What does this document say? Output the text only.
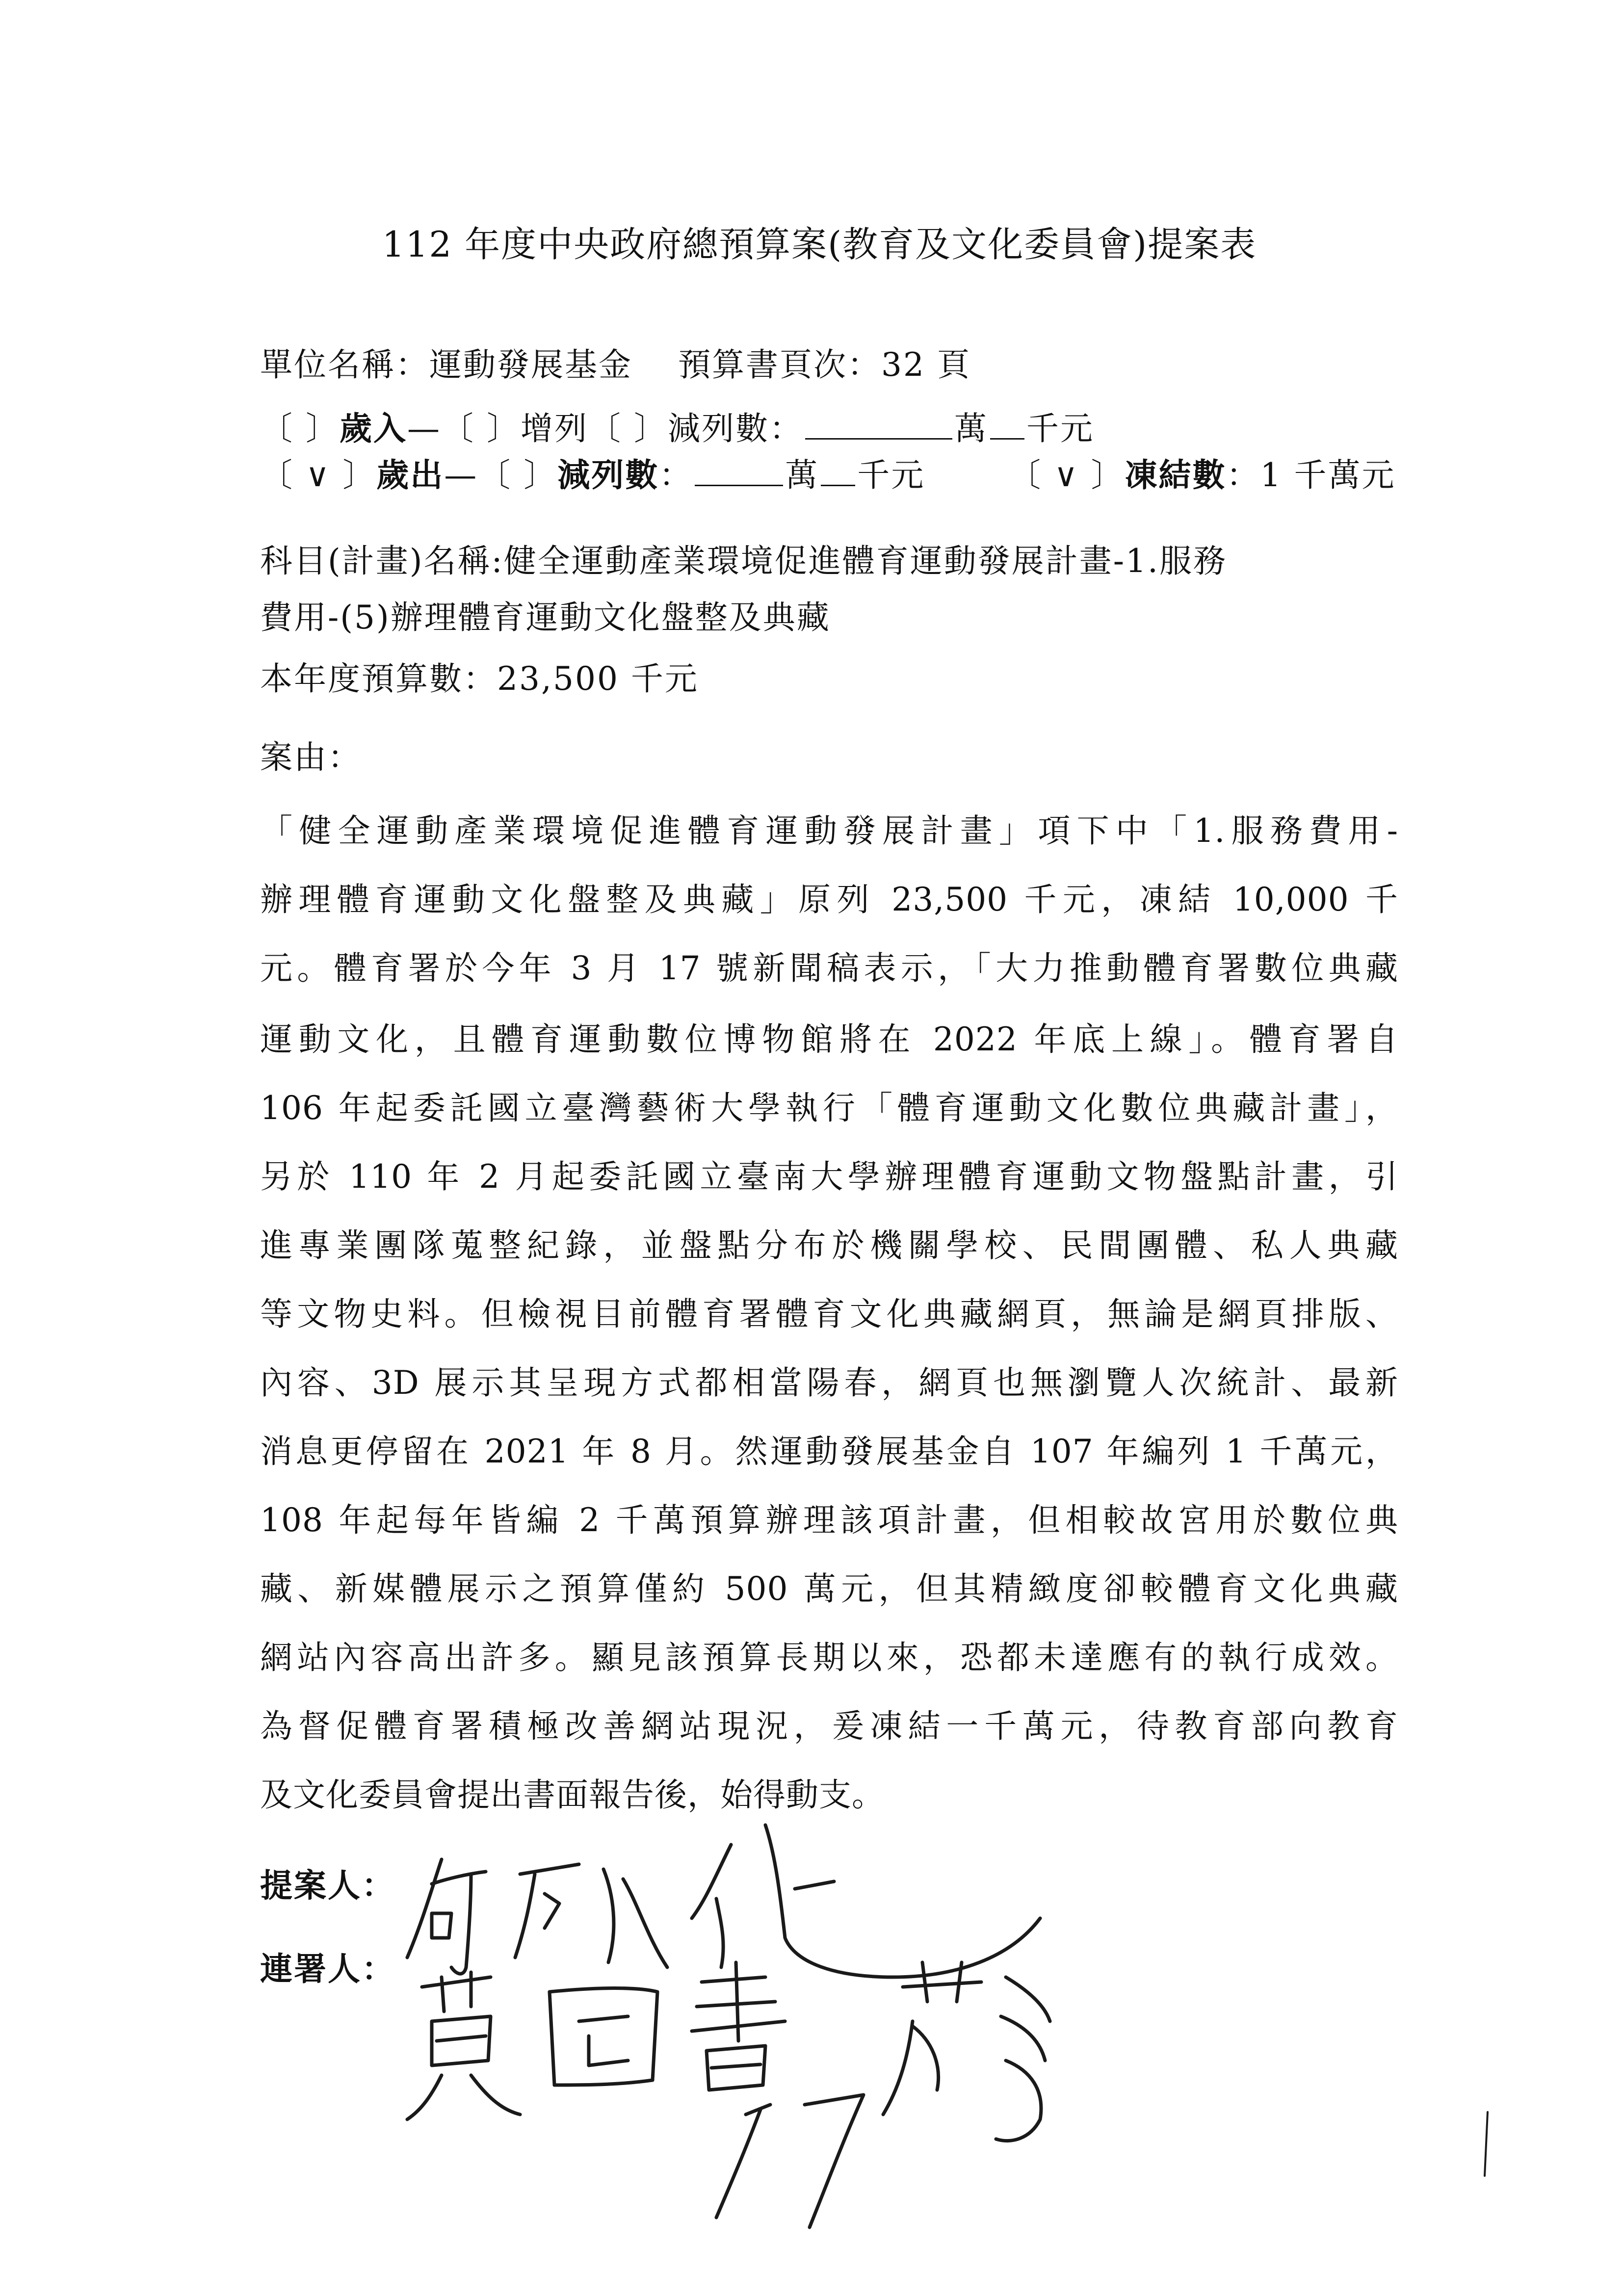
112 年度中央政府總預算案(教育及文化委員會)提案表
單位名稱：運動發展基金　 預算書頁次：32 頁
〔 〕歲入—〔 〕增列〔 〕減列數：	萬 千元
〔 ∨ 〕歲出—〔 〕減列數：	萬 千元	〔 ∨ 〕凍結數：1 千萬元
科目(計畫)名稱:健全運動產業環境促進體育運動發展計畫-1.服務
費用-(5)辦理體育運動文化盤整及典藏
本年度預算數：23,500 千元
案由：
「健全運動產業環境促進體育運動發展計畫」項下中「1.服務費用-
辦理體育運動文化盤整及典藏」原列 23,500 千元，凍結 10,000 千
元。體育署於今年 3 月 17 號新聞稿表示，「大力推動體育署數位典藏
運動文化，且體育運動數位博物館將在 2022 年底上線」。體育署自
106 年起委託國立臺灣藝術大學執行「體育運動文化數位典藏計畫」，
另於 110 年 2 月起委託國立臺南大學辦理體育運動文物盤點計畫，引
進專業團隊蒐整紀錄，並盤點分布於機關學校、民間團體、私人典藏
等文物史料。但檢視目前體育署體育文化典藏網頁，無論是網頁排版、
內容、3D 展示其呈現方式都相當陽春，網頁也無瀏覽人次統計、最新
消息更停留在 2021 年 8 月。然運動發展基金自 107 年編列 1 千萬元，
108 年起每年皆編 2 千萬預算辦理該項計畫，但相較故宮用於數位典
藏、新媒體展示之預算僅約 500 萬元，但其精緻度卻較體育文化典藏
網站內容高出許多。顯見該預算長期以來，恐都未達應有的執行成效。
為督促體育署積極改善網站現況，爰凍結一千萬元，待教育部向教育
及文化委員會提出書面報告後，始得動支。
提案人：
連署人：
